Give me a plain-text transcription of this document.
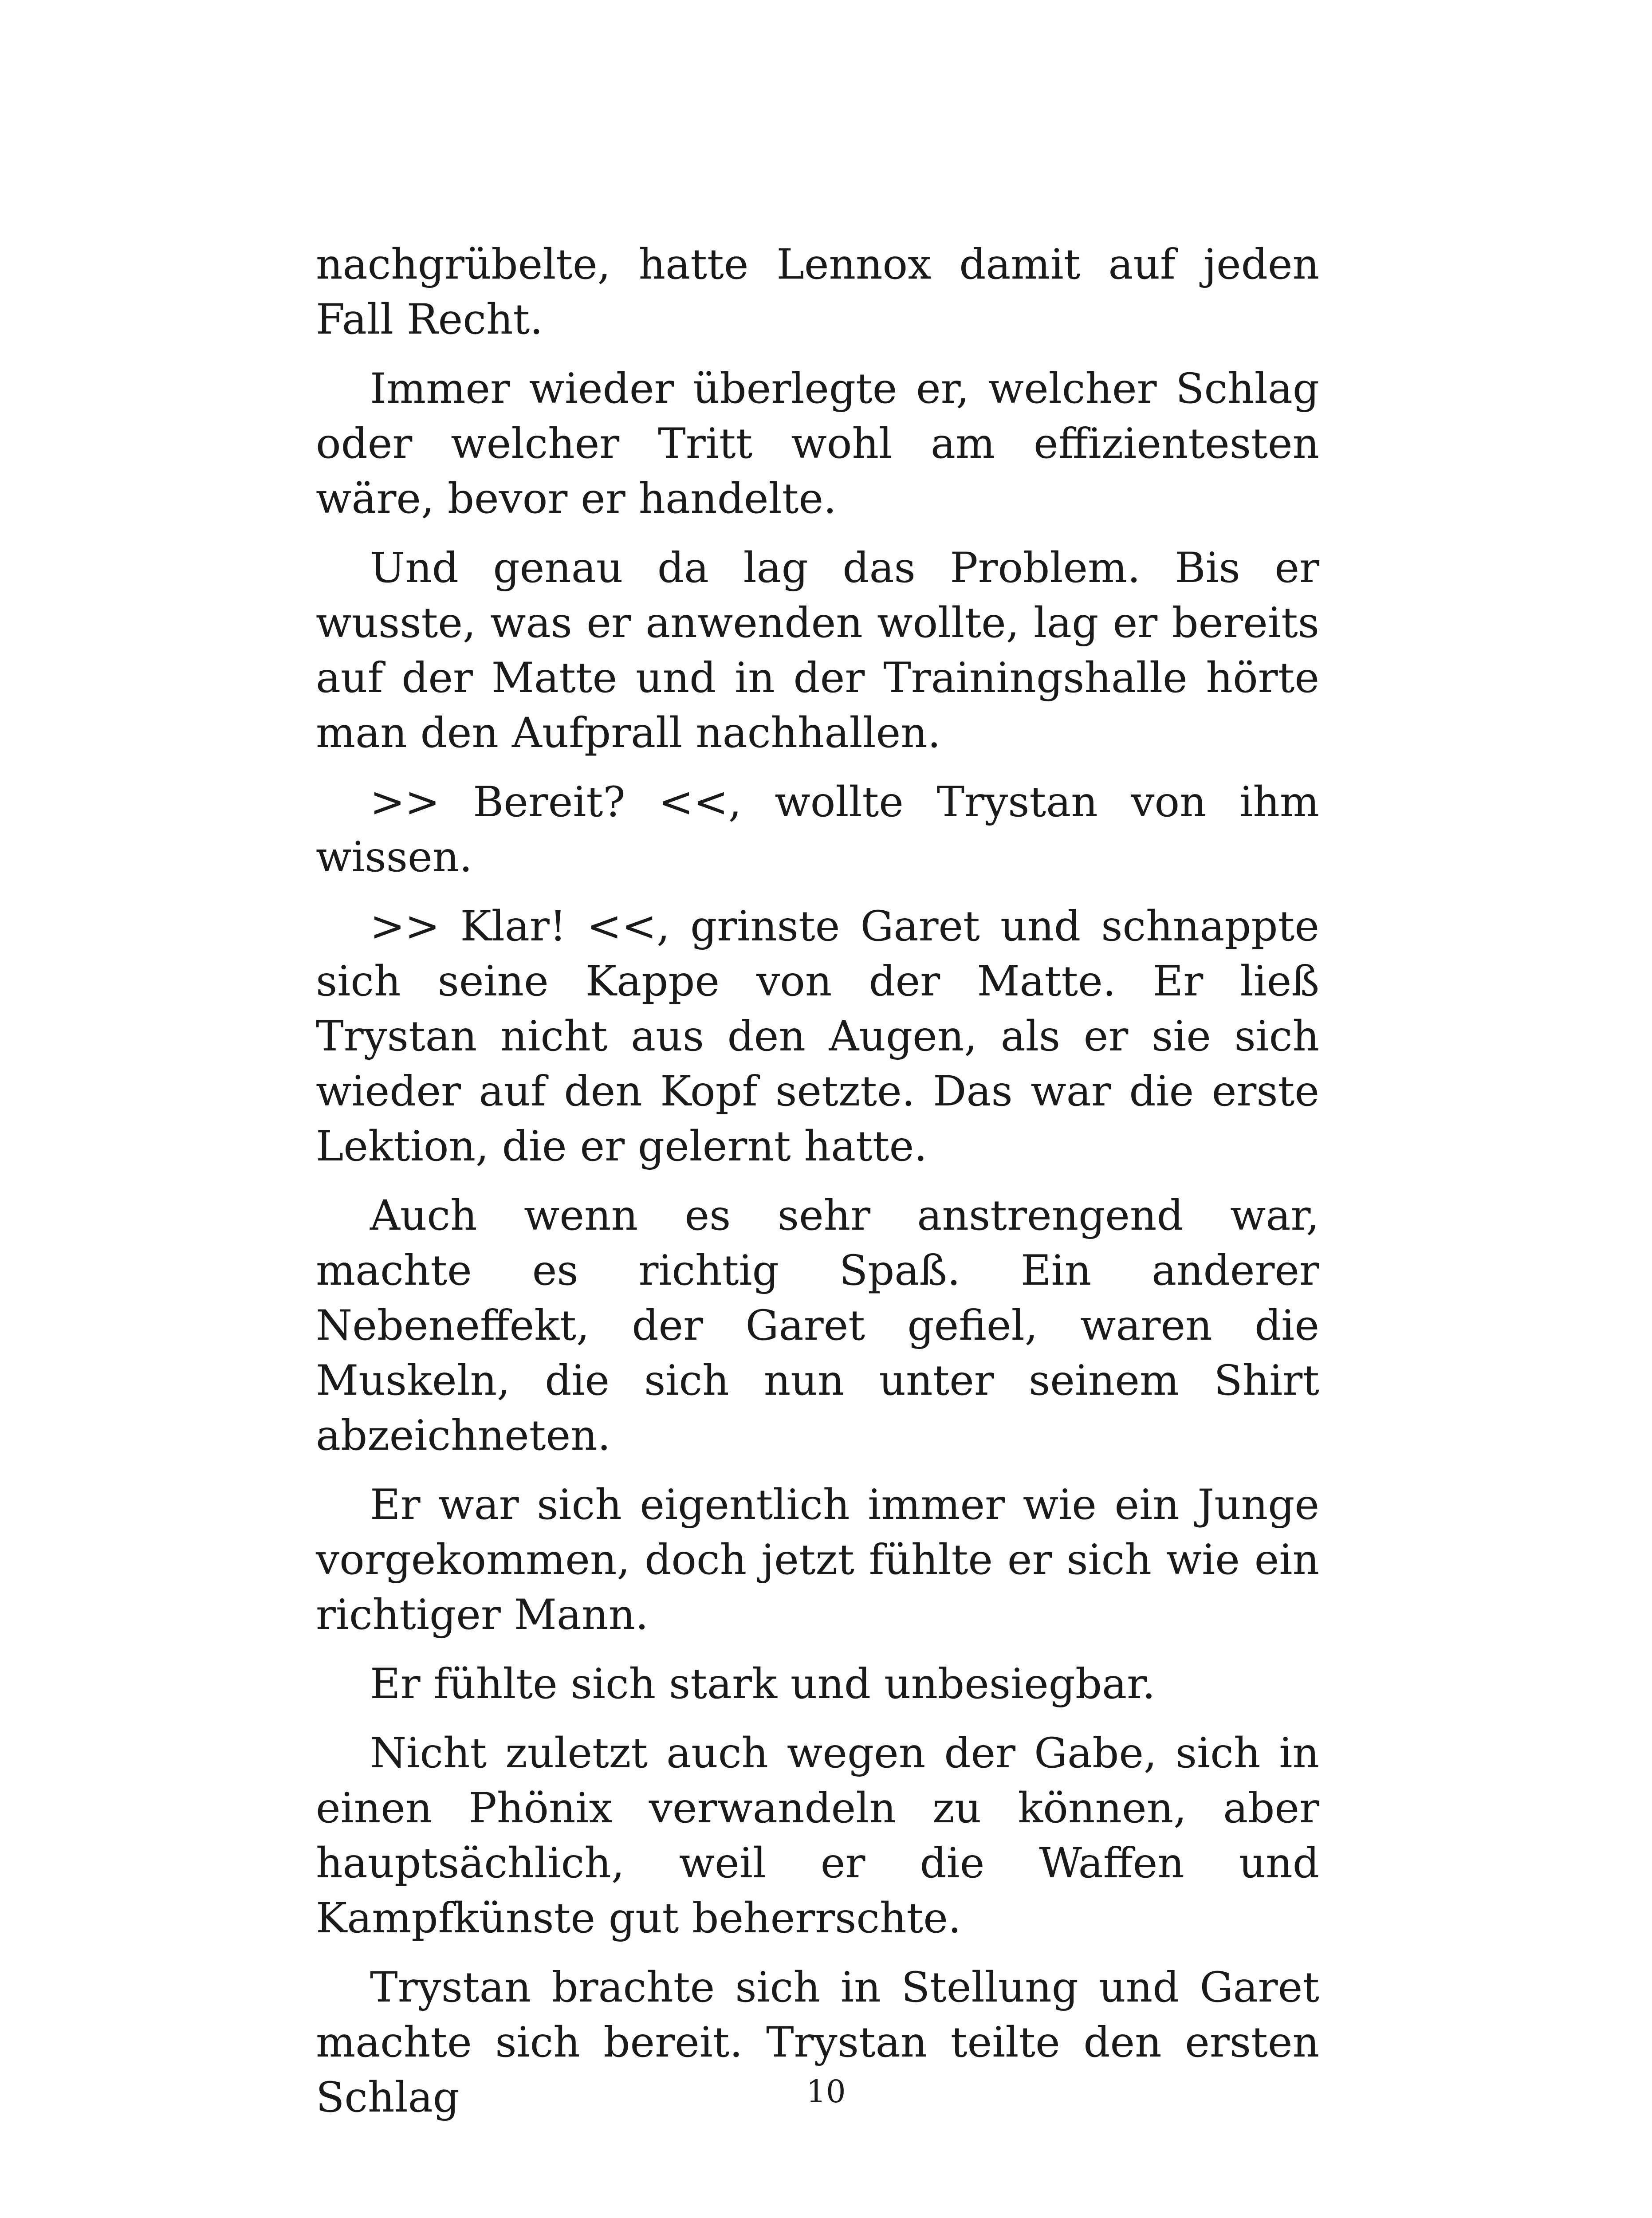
nachgrübelte, hatte Lennox damit auf jeden Fall Recht.

Immer wieder überlegte er, welcher Schlag oder welcher Tritt wohl am effizientesten wäre, bevor er handelte.

Und genau da lag das Problem. Bis er wusste, was er anwenden wollte, lag er bereits auf der Matte und in der Trainingshalle hörte man den Aufprall nachhallen.

>> Bereit? <<, wollte Trystan von ihm wissen.

>> Klar! <<, grinste Garet und schnappte sich seine Kappe von der Matte. Er ließ Trystan nicht aus den Augen, als er sie sich wieder auf den Kopf setzte. Das war die erste Lektion, die er gelernt hatte.

Auch wenn es sehr anstrengend war, machte es richtig Spaß. Ein anderer Nebeneffekt, der Garet gefiel, waren die Muskeln, die sich nun unter seinem Shirt abzeichneten.

Er war sich eigentlich immer wie ein Junge vorgekommen, doch jetzt fühlte er sich wie ein richtiger Mann.

Er fühlte sich stark und unbesiegbar.

Nicht zuletzt auch wegen der Gabe, sich in einen Phönix verwandeln zu können, aber hauptsächlich, weil er die Waffen und Kampfkünste gut beherrschte.

Trystan brachte sich in Stellung und Garet machte sich bereit. Trystan teilte den ersten Schlag	10
